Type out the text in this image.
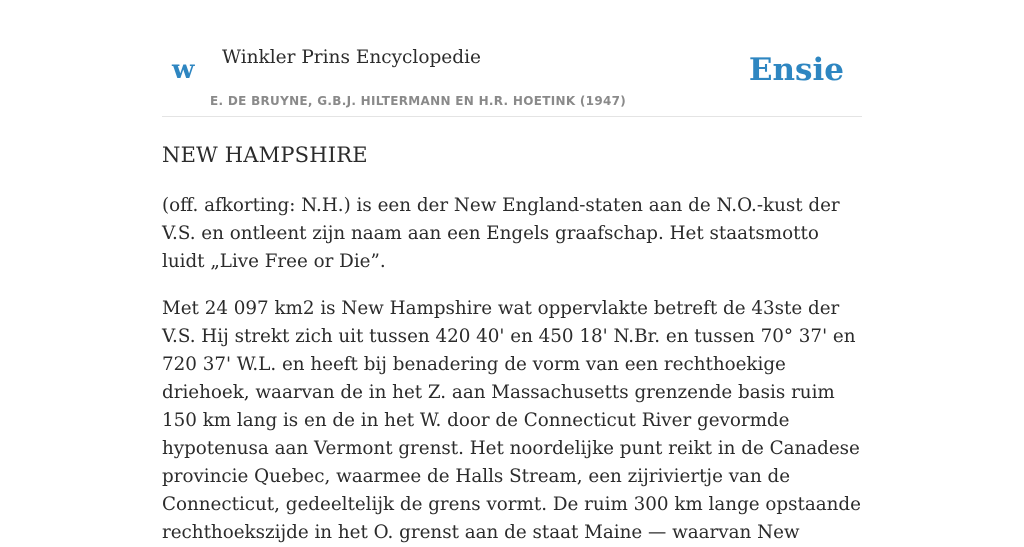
w Winkler Prins Encyclopedie
E. DE BRUYNE, G.B.J. HILTERMANN EN H.R. HOETINK (1947)
Ensie
NEW HAMPSHIRE

(off. afkorting: N.H.) is een der New England-staten aan de N.O.-kust der V.S. en ontleent zijn naam aan een Engels graafschap. Het staatsmotto luidt „Live Free or Die”.

Met 24 097 km2 is New Hampshire wat oppervlakte betreft de 43ste der V.S. Hij strekt zich uit tussen 420 40' en 450 18' N.Br. en tussen 70° 37' en 720 37' W.L. en heeft bij benadering de vorm van een rechthoekige driehoek, waarvan de in het Z. aan Massachusetts grenzende basis ruim 150 km lang is en de in het W. door de Connecticut River gevormde hypotenusa aan Vermont grenst. Het noordelijke punt reikt in de Canadese provincie Quebec, waarmee de Halls Stream, een zijriviertje van de Connecticut, gedeeltelijk de grens vormt. De ruim 300 km lange opstaande rechthoekszijde in het O. grenst aan de staat Maine — waarvan New
